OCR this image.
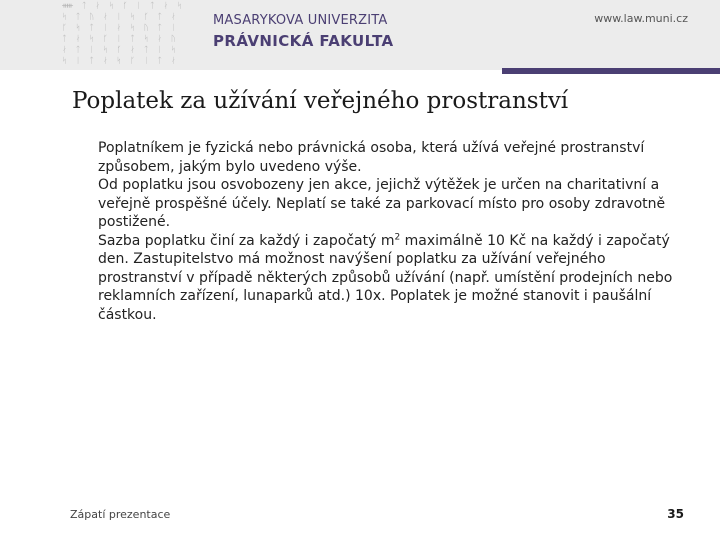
ᚔ ᛏ ᛅ ᛋ ᚴ ᛁ ᛏ ᛅ ᛋ
ᛋ ᛏ ᚢ ᛅ ᛁ ᛋ ᚴ ᛏ ᛅ
ᚴ ᛋ ᛏ ᛁ ᛅ ᛋ ᚢ ᛏ ᛁ
ᛏ ᛅ ᛋ ᚴ ᛁ ᛏ ᛋ ᛅ ᚢ
ᛅ ᛏ ᛁ ᛋ ᚴ ᛅ ᛏ ᛁ ᛋ
ᛋ ᛁ ᛏ ᛅ ᛋ ᚴ ᛁ ᛏ ᛅ
MASARYKOVA UNIVERZITA
PRÁVNICKÁ FAKULTA
www.law.muni.cz
Poplatek za užívání veřejného prostranství

Poplatníkem je fyzická nebo právnická osoba, která užívá veřejné prostranství způsobem, jakým bylo uvedeno výše.

Od poplatku jsou osvobozeny jen akce, jejichž výtěžek je určen na charitativní a veřejně prospěšné účely. Neplatí se také za parkovací místo pro osoby zdravotně postižené.

Sazba poplatku činí za každý i započatý $m^2$ maximálně 10 Kč na každý i započatý den. Zastupitelstvo má možnost navýšení poplatku za užívání veřejného prostranství v případě některých způsobů užívání (např. umístění prodejních nebo reklamních zařízení, lunaparků atd.) 10x. Poplatek je možné stanovit i paušální částkou.

Zápatí prezentace	35
